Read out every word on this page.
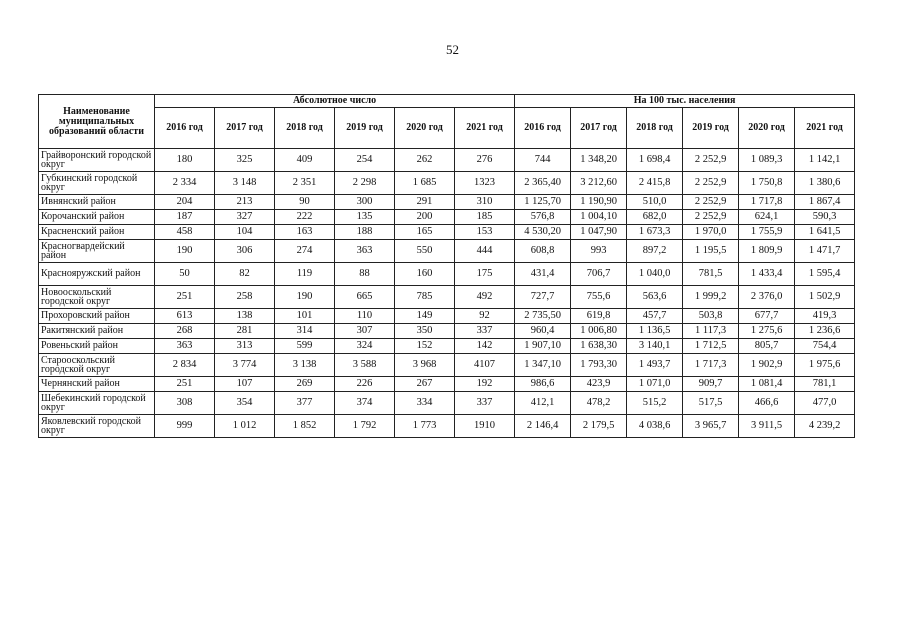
52
Наименование муниципальных образований области	Абсолютное число						На 100 тыс. населения					
	2016 год	2017 год	2018 год	2019 год	2020 год	2021 год	2016 год	2017 год	2018 год	2019 год	2020 год	2021 год
Грайворонский городской округ	180	325	409	254	262	276	744	1 348,20	1 698,4	2 252,9	1 089,3	1 142,1
Губкинский городской округ	2 334	3 148	2 351	2 298	1 685	1323	2 365,40	3 212,60	2 415,8	2 252,9	1 750,8	1 380,6
Ивнянский район	204	213	90	300	291	310	1 125,70	1 190,90	510,0	2 252,9	1 717,8	1 867,4
Корочанский район	187	327	222	135	200	185	576,8	1 004,10	682,0	2 252,9	624,1	590,3
Красненский район	458	104	163	188	165	153	4 530,20	1 047,90	1 673,3	1 970,0	1 755,9	1 641,5
Красногвардейский район	190	306	274	363	550	444	608,8	993	897,2	1 195,5	1 809,9	1 471,7
Краснояружский район	50	82	119	88	160	175	431,4	706,7	1 040,0	781,5	1 433,4	1 595,4
Новооскольский городской округ	251	258	190	665	785	492	727,7	755,6	563,6	1 999,2	2 376,0	1 502,9
Прохоровский район	613	138	101	110	149	92	2 735,50	619,8	457,7	503,8	677,7	419,3
Ракитянский район	268	281	314	307	350	337	960,4	1 006,80	1 136,5	1 117,3	1 275,6	1 236,6
Ровеньский район	363	313	599	324	152	142	1 907,10	1 638,30	3 140,1	1 712,5	805,7	754,4
Старооскольский городской округ	2 834	3 774	3 138	3 588	3 968	4107	1 347,10	1 793,30	1 493,7	1 717,3	1 902,9	1 975,6
Чернянский район	251	107	269	226	267	192	986,6	423,9	1 071,0	909,7	1 081,4	781,1
Шебекинский городской округ	308	354	377	374	334	337	412,1	478,2	515,2	517,5	466,6	477,0
Яковлевский городской округ	999	1 012	1 852	1 792	1 773	1910	2 146,4	2 179,5	4 038,6	3 965,7	3 911,5	4 239,2
